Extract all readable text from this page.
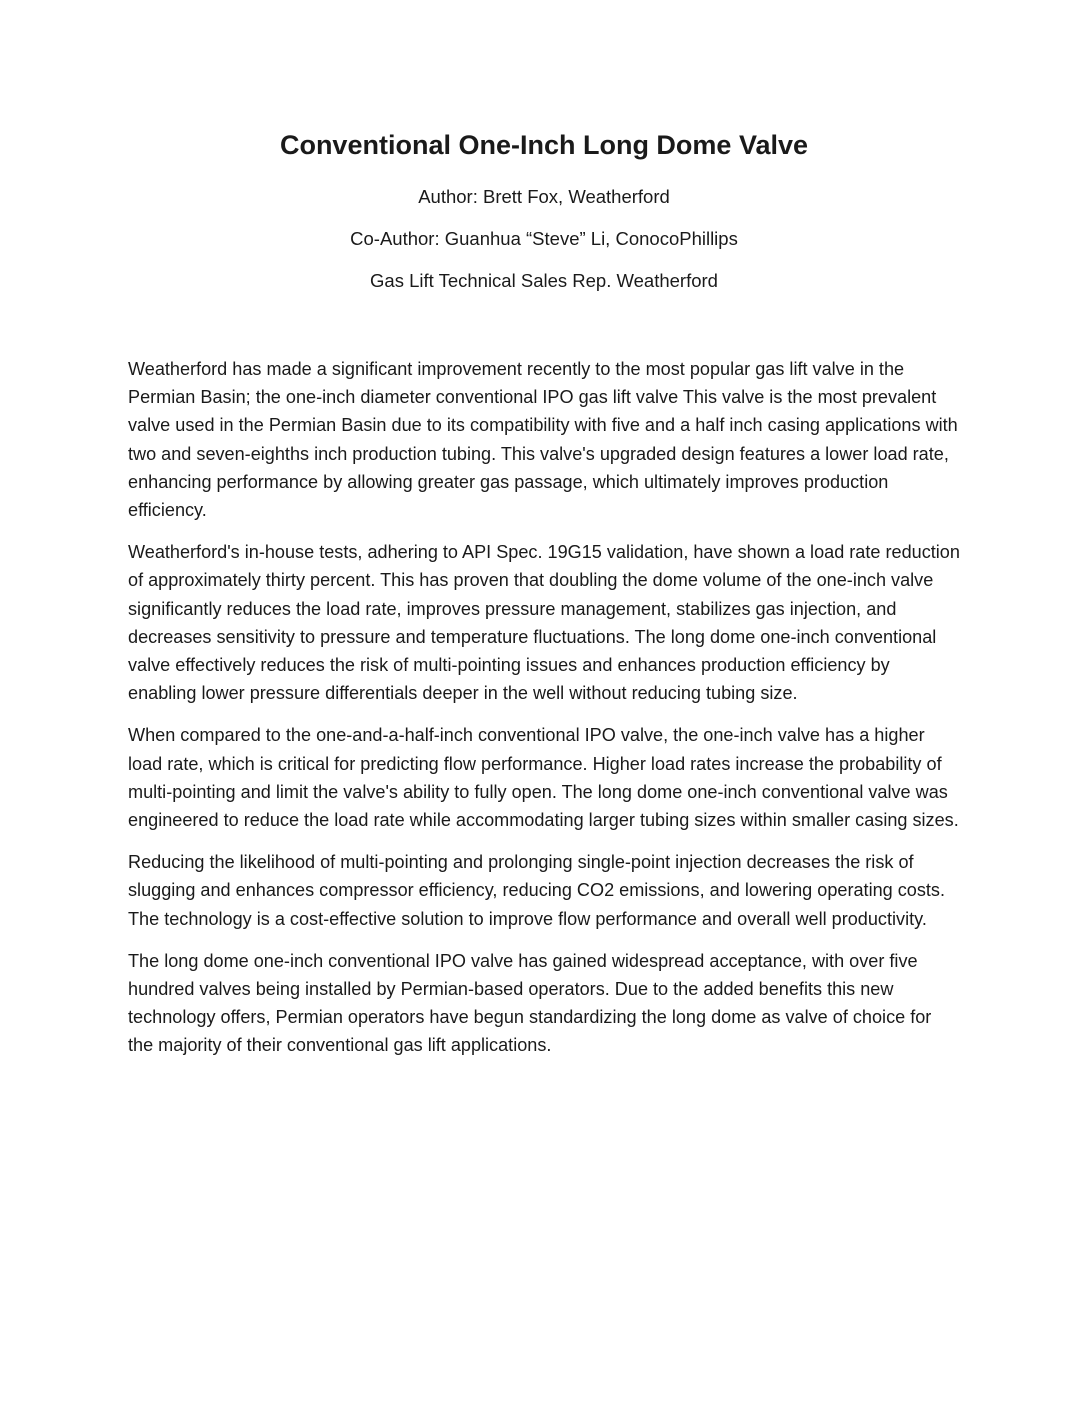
Conventional One-Inch Long Dome Valve

Author: Brett Fox, Weatherford

Co-Author: Guanhua “Steve” Li, ConocoPhillips

Gas Lift Technical Sales Rep. Weatherford

Weatherford has made a significant improvement recently to the most popular gas lift valve in the Permian Basin; the one-inch diameter conventional IPO gas lift valve This valve is the most prevalent valve used in the Permian Basin due to its compatibility with five and a half inch casing applications with two and seven-eighths inch production tubing. This valve's upgraded design features a lower load rate, enhancing performance by allowing greater gas passage, which ultimately improves production efficiency.

Weatherford's in-house tests, adhering to API Spec. 19G15 validation, have shown a load rate reduction of approximately thirty percent. This has proven that doubling the dome volume of the one-inch valve significantly reduces the load rate, improves pressure management, stabilizes gas injection, and decreases sensitivity to pressure and temperature fluctuations. The long dome one-inch conventional valve effectively reduces the risk of multi-pointing issues and enhances production efficiency by enabling lower pressure differentials deeper in the well without reducing tubing size.

When compared to the one-and-a-half-inch conventional IPO valve, the one-inch valve has a higher load rate, which is critical for predicting flow performance. Higher load rates increase the probability of multi-pointing and limit the valve's ability to fully open. The long dome one-inch conventional valve was engineered to reduce the load rate while accommodating larger tubing sizes within smaller casing sizes.

Reducing the likelihood of multi-pointing and prolonging single-point injection decreases the risk of slugging and enhances compressor efficiency, reducing CO2 emissions, and lowering operating costs. The technology is a cost-effective solution to improve flow performance and overall well productivity.

The long dome one-inch conventional IPO valve has gained widespread acceptance, with over five hundred valves being installed by Permian-based operators. Due to the added benefits this new technology offers, Permian operators have begun standardizing the long dome as valve of choice for the majority of their conventional gas lift applications.
